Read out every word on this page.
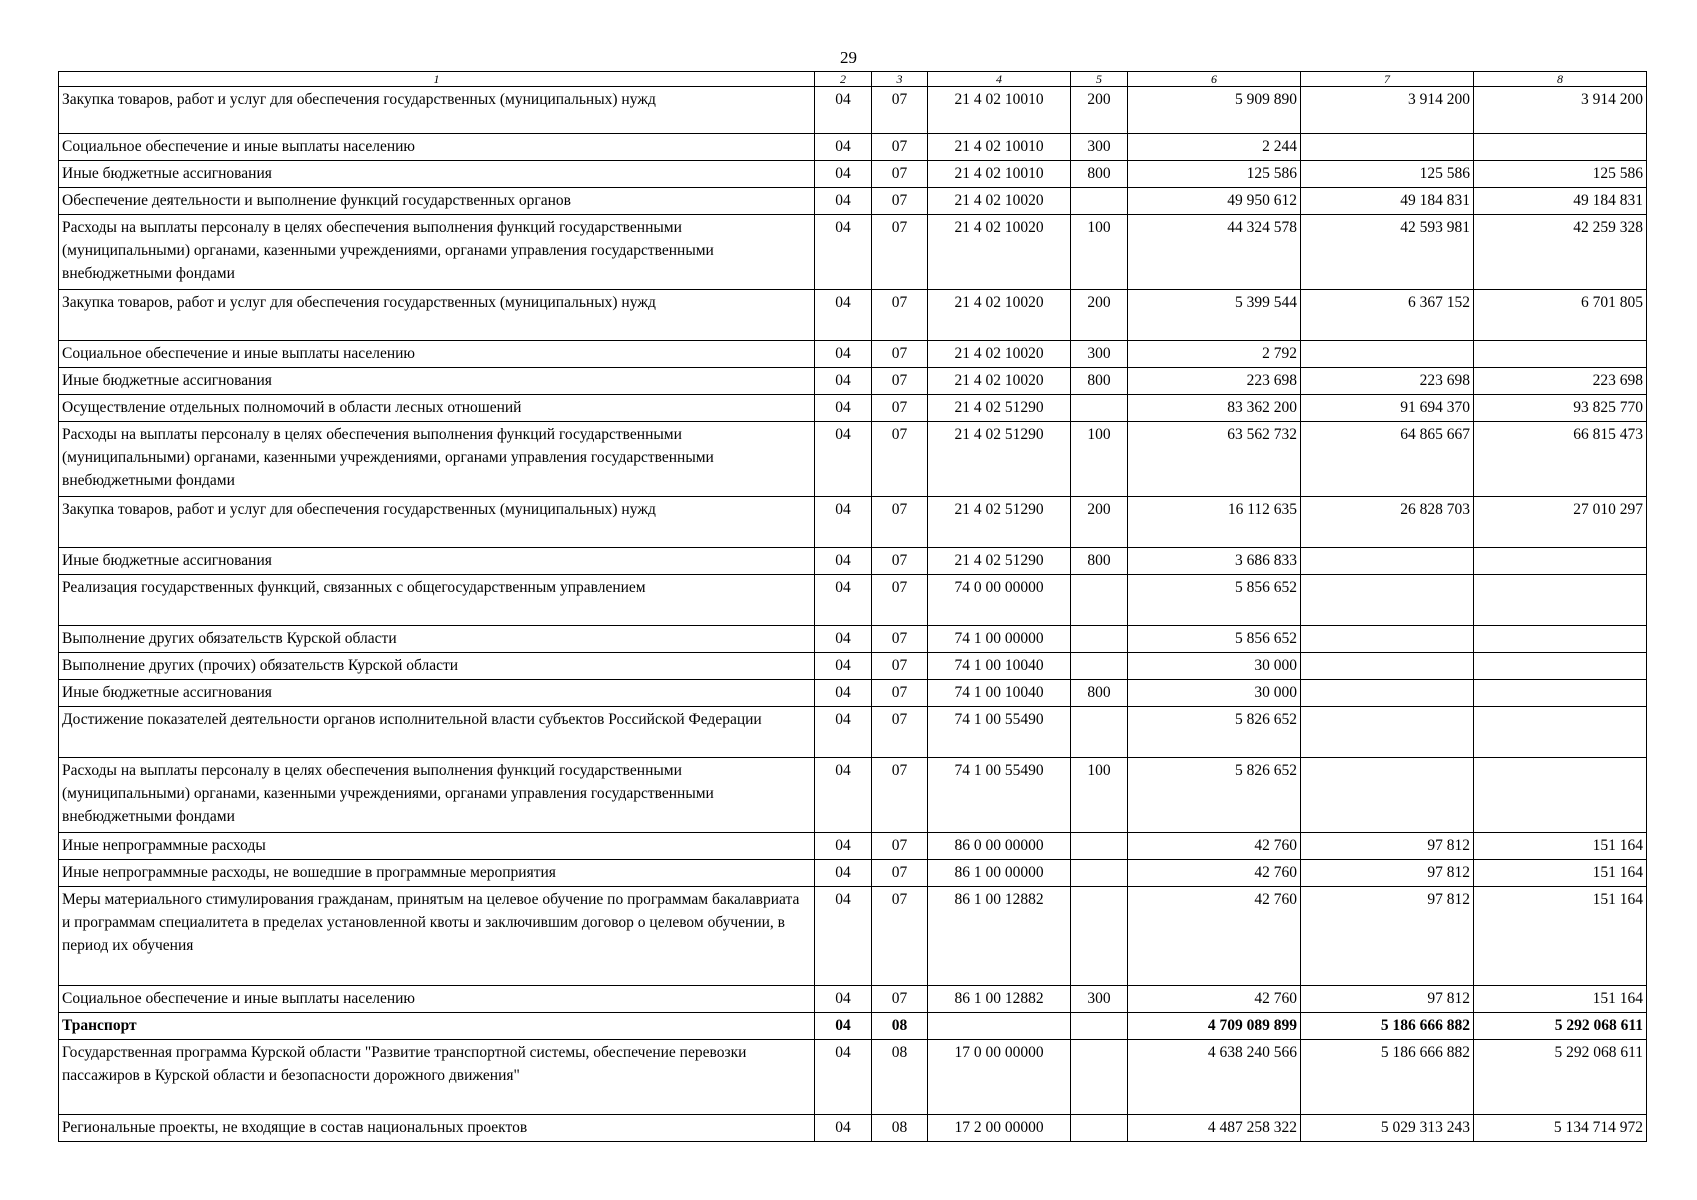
29
1	2	3	4	5	6	7	8
Закупка товаров, работ и услуг для обеспечения государственных (муниципальных) нужд	04	07	21 4 02 10010	200	5 909 890	3 914 200	3 914 200
Социальное обеспечение и иные выплаты населению	04	07	21 4 02 10010	300	2 244		
Иные бюджетные ассигнования	04	07	21 4 02 10010	800	125 586	125 586	125 586
Обеспечение деятельности и выполнение функций государственных органов	04	07	21 4 02 10020		49 950 612	49 184 831	49 184 831
Расходы на выплаты персоналу в целях обеспечения выполнения функций государственными (муниципальными) органами, казенными учреждениями, органами управления государственными внебюджетными фондами	04	07	21 4 02 10020	100	44 324 578	42 593 981	42 259 328
Закупка товаров, работ и услуг для обеспечения государственных (муниципальных) нужд	04	07	21 4 02 10020	200	5 399 544	6 367 152	6 701 805
Социальное обеспечение и иные выплаты населению	04	07	21 4 02 10020	300	2 792		
Иные бюджетные ассигнования	04	07	21 4 02 10020	800	223 698	223 698	223 698
Осуществление отдельных полномочий в области лесных отношений	04	07	21 4 02 51290		83 362 200	91 694 370	93 825 770
Расходы на выплаты персоналу в целях обеспечения выполнения функций государственными (муниципальными) органами, казенными учреждениями, органами управления государственными внебюджетными фондами	04	07	21 4 02 51290	100	63 562 732	64 865 667	66 815 473
Закупка товаров, работ и услуг для обеспечения государственных (муниципальных) нужд	04	07	21 4 02 51290	200	16 112 635	26 828 703	27 010 297
Иные бюджетные ассигнования	04	07	21 4 02 51290	800	3 686 833		
Реализация государственных функций, связанных с общегосударственным управлением	04	07	74 0 00 00000		5 856 652		
Выполнение других обязательств Курской области	04	07	74 1 00 00000		5 856 652		
Выполнение других (прочих) обязательств Курской области	04	07	74 1 00 10040		30 000		
Иные бюджетные ассигнования	04	07	74 1 00 10040	800	30 000		
Достижение показателей деятельности органов исполнительной власти субъектов Российской Федерации	04	07	74 1 00 55490		5 826 652		
Расходы на выплаты персоналу в целях обеспечения выполнения функций государственными (муниципальными) органами, казенными учреждениями, органами управления государственными внебюджетными фондами	04	07	74 1 00 55490	100	5 826 652		
Иные непрограммные расходы	04	07	86 0 00 00000		42 760	97 812	151 164
Иные непрограммные расходы, не вошедшие в программные мероприятия	04	07	86 1 00 00000		42 760	97 812	151 164
Меры материального стимулирования гражданам, принятым на целевое обучение по программам бакалавриата и программам специалитета в пределах установленной квоты и заключившим договор о целевом обучении, в период их обучения	04	07	86 1 00 12882		42 760	97 812	151 164
Социальное обеспечение и иные выплаты населению	04	07	86 1 00 12882	300	42 760	97 812	151 164
Транспорт	04	08			4 709 089 899	5 186 666 882	5 292 068 611
Государственная программа Курской области "Развитие транспортной системы, обеспечение перевозки пассажиров в Курской области и безопасности дорожного движения"	04	08	17 0 00 00000		4 638 240 566	5 186 666 882	5 292 068 611
Региональные проекты, не входящие в состав национальных проектов	04	08	17 2 00 00000		4 487 258 322	5 029 313 243	5 134 714 972
